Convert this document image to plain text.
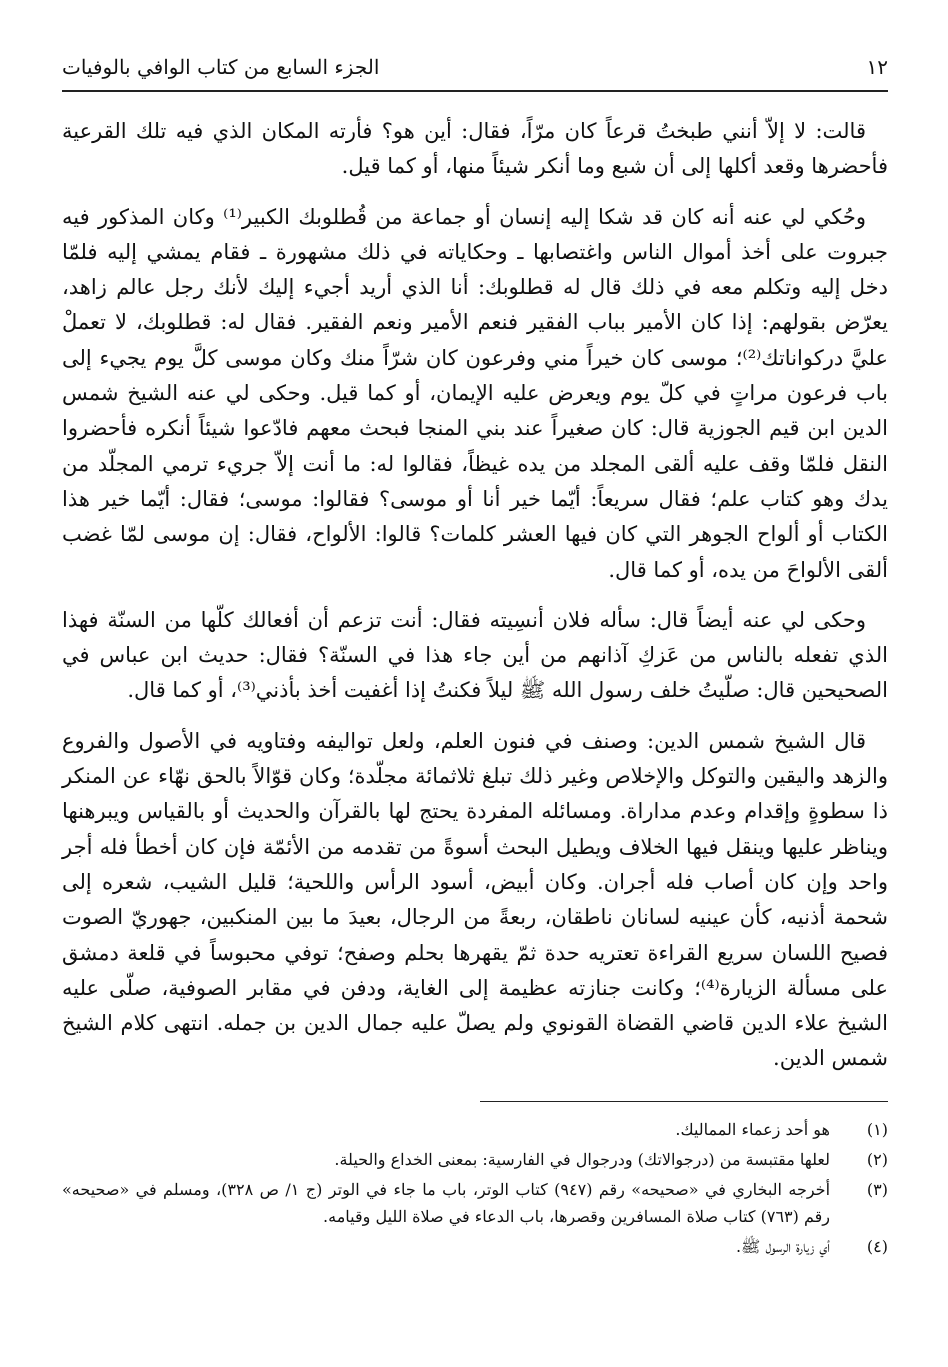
١٢
الجزء السابع من كتاب الوافي بالوفيات

قالت: لا إلاّ أنني طبختُ قرعاً كان مرّاً، فقال: أين هو؟ فأرته المكان الذي فيه تلك القرعية فأحضرها وقعد أكلها إلى أن شبع وما أنكر شيئاً منها، أو كما قيل.

وحُكي لي عنه أنه كان قد شكا إليه إنسان أو جماعة من قُطلوبك الكبير⁽¹⁾ وكان المذكور فيه جبروت على أخذ أموال الناس واغتصابها ـ وحكاياته في ذلك مشهورة ـ فقام يمشي إليه فلمّا دخل إليه وتكلم معه في ذلك قال له قطلوبك: أنا الذي أريد أجيء إليك لأنك رجل عالم زاهد، يعرّض بقولهم: إذا كان الأمير بباب الفقير فنعم الأمير ونعم الفقير. فقال له: قطلوبك، لا تعملْ عليَّ دركواناتك⁽²⁾؛ موسى كان خيراً مني وفرعون كان شرّاً منك وكان موسى كلَّ يوم يجيء إلى باب فرعون مراتٍ في كلّ يوم ويعرض عليه الإيمان، أو كما قيل. وحكى لي عنه الشيخ شمس الدين ابن قيم الجوزية قال: كان صغيراً عند بني المنجا فبحث معهم فادّعوا شيئاً أنكره فأحضروا النقل فلمّا وقف عليه ألقى المجلد من يده غيظاً، فقالوا له: ما أنت إلاّ جريء ترمي المجلّد من يدك وهو كتاب علم؛ فقال سريعاً: أيّما خير أنا أو موسى؟ فقالوا: موسى؛ فقال: أيّما خير هذا الكتاب أو ألواح الجوهر التي كان فيها العشر كلمات؟ قالوا: الألواح، فقال: إن موسى لمّا غضب ألقى الألواحَ من يده، أو كما قال.

وحكى لي عنه أيضاً قال: سأله فلان أنسِيته فقال: أنت تزعم أن أفعالك كلّها من السنّة فهذا الذي تفعله بالناس من عَزكِ آذانهم من أين جاء هذا في السنّة؟ فقال: حديث ابن عباس في الصحيحين قال: صلّيتُ خلف رسول الله ﷺ ليلاً فكنتُ إذا أغفيت أخذ بأذني⁽³⁾، أو كما قال.

قال الشيخ شمس الدين: وصنف في فنون العلم، ولعل تواليفه وفتاويه في الأصول والفروع والزهد واليقين والتوكل والإخلاص وغير ذلك تبلغ ثلاثمائة مجلّدة؛ وكان قوّالاً بالحق نهّاء عن المنكر ذا سطوةٍ وإقدام وعدم مداراة. ومسائله المفردة يحتج لها بالقرآن والحديث أو بالقياس ويبرهنها ويناظر عليها وينقل فيها الخلاف ويطيل البحث أسوةً من تقدمه من الأئمّة فإن كان أخطأ فله أجر واحد وإن كان أصاب فله أجران. وكان أبيض، أسود الرأس واللحية؛ قليل الشيب، شعره إلى شحمة أذنيه، كأن عينيه لسانان ناطقان، ربعةً من الرجال، بعيدَ ما بين المنكبين، جهوريّ الصوت فصيح اللسان سريع القراءة تعتريه حدة ثمّ يقهرها بحلم وصفح؛ توفي محبوساً في قلعة دمشق على مسألة الزيارة⁽⁴⁾؛ وكانت جنازته عظيمة إلى الغاية، ودفن في مقابر الصوفية، صلّى عليه الشيخ علاء الدين قاضي القضاة القونوي ولم يصلّ عليه جمال الدين بن جمله. انتهى كلام الشيخ شمس الدين.

(١)
هو أحد زعماء المماليك.
(٢)
لعلها مقتبسة من (درجوالاتك) ودرجوال في الفارسية: بمعنى الخداع والحيلة.
(٣)
أخرجه البخاري في «صحيحه» رقم (٩٤٧) كتاب الوتر، باب ما جاء في الوتر (ج ١/ ص ٣٢٨)، ومسلم في «صحيحه» رقم (٧٦٣) كتاب صلاة المسافرين وقصرها، باب الدعاء في صلاة الليل وقيامه.
(٤)
أي زيارة الرسول ﷺ.
